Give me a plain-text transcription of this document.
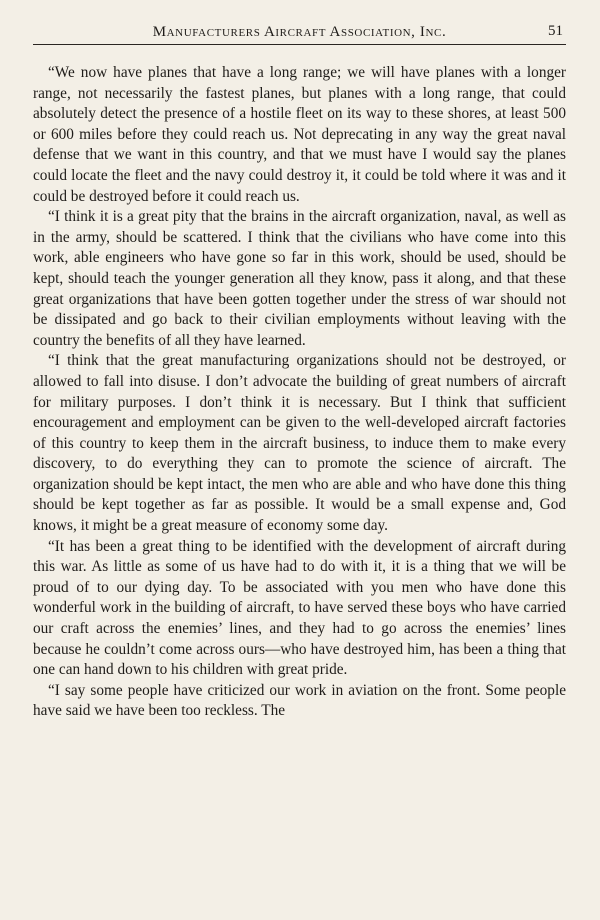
Manufacturers Aircraft Association, Inc.	51

“We now have planes that have a long range; we will have planes with a longer range, not necessarily the fastest planes, but planes with a long range, that could absolutely detect the presence of a hostile fleet on its way to these shores, at least 500 or 600 miles before they could reach us. Not deprecating in any way the great naval defense that we want in this country, and that we must have I would say the planes could locate the fleet and the navy could destroy it, it could be told where it was and it could be destroyed before it could reach us.

“I think it is a great pity that the brains in the aircraft organization, naval, as well as in the army, should be scattered. I think that the civilians who have come into this work, able engineers who have gone so far in this work, should be used, should be kept, should teach the younger generation all they know, pass it along, and that these great organizations that have been gotten together under the stress of war should not be dissipated and go back to their civilian employments without leaving with the country the benefits of all they have learned.

“I think that the great manufacturing organizations should not be destroyed, or allowed to fall into disuse. I don’t advocate the building of great numbers of aircraft for military purposes. I don’t think it is necessary. But I think that sufficient encouragement and employment can be given to the well-developed aircraft factories of this country to keep them in the aircraft business, to induce them to make every discovery, to do everything they can to promote the science of aircraft. The organization should be kept intact, the men who are able and who have done this thing should be kept together as far as possible. It would be a small expense and, God knows, it might be a great measure of economy some day.

“It has been a great thing to be identified with the development of aircraft during this war. As little as some of us have had to do with it, it is a thing that we will be proud of to our dying day. To be associated with you men who have done this wonderful work in the building of aircraft, to have served these boys who have carried our craft across the enemies’ lines, and they had to go across the enemies’ lines because he couldn’t come across ours—who have destroyed him, has been a thing that one can hand down to his children with great pride.

“I say some people have criticized our work in aviation on the front. Some people have said we have been too reckless. The
